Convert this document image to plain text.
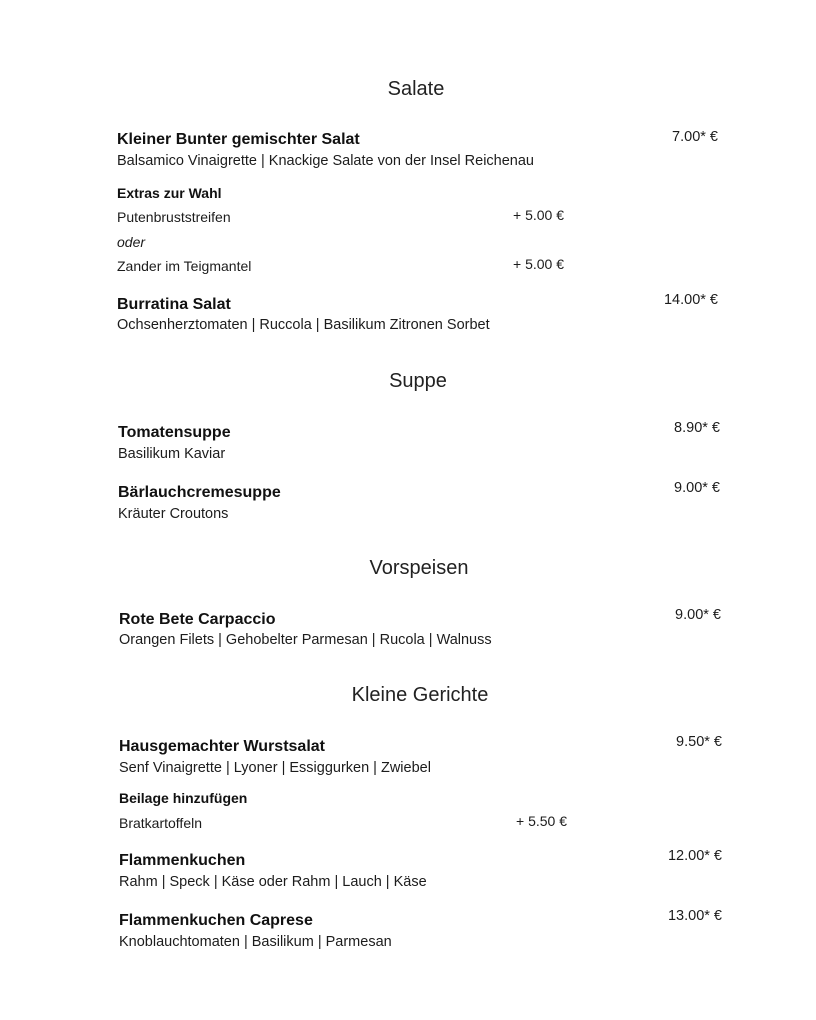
Salate
Kleiner Bunter gemischter Salat	7.00* €
Balsamico Vinaigrette | Knackige Salate von der Insel Reichenau
Extras zur Wahl
Putenbruststreifen	+ 5.00 €
oder
Zander im Teigmantel	+ 5.00 €
Burratina Salat	14.00* €
Ochsenherztomaten | Ruccola | Basilikum Zitronen Sorbet
Suppe
Tomatensuppe	8.90* €
Basilikum Kaviar
Bärlauchcremesuppe	9.00* €
Kräuter Croutons
Vorspeisen
Rote Bete Carpaccio	9.00* €
Orangen Filets | Gehobelter Parmesan | Rucola | Walnuss
Kleine Gerichte
Hausgemachter Wurstsalat	9.50* €
Senf Vinaigrette | Lyoner | Essiggurken | Zwiebel
Beilage hinzufügen
Bratkartoffeln	+ 5.50 €
Flammenkuchen	12.00* €
Rahm | Speck | Käse oder Rahm | Lauch | Käse
Flammenkuchen Caprese	13.00* €
Knoblauchtomaten | Basilikum | Parmesan
